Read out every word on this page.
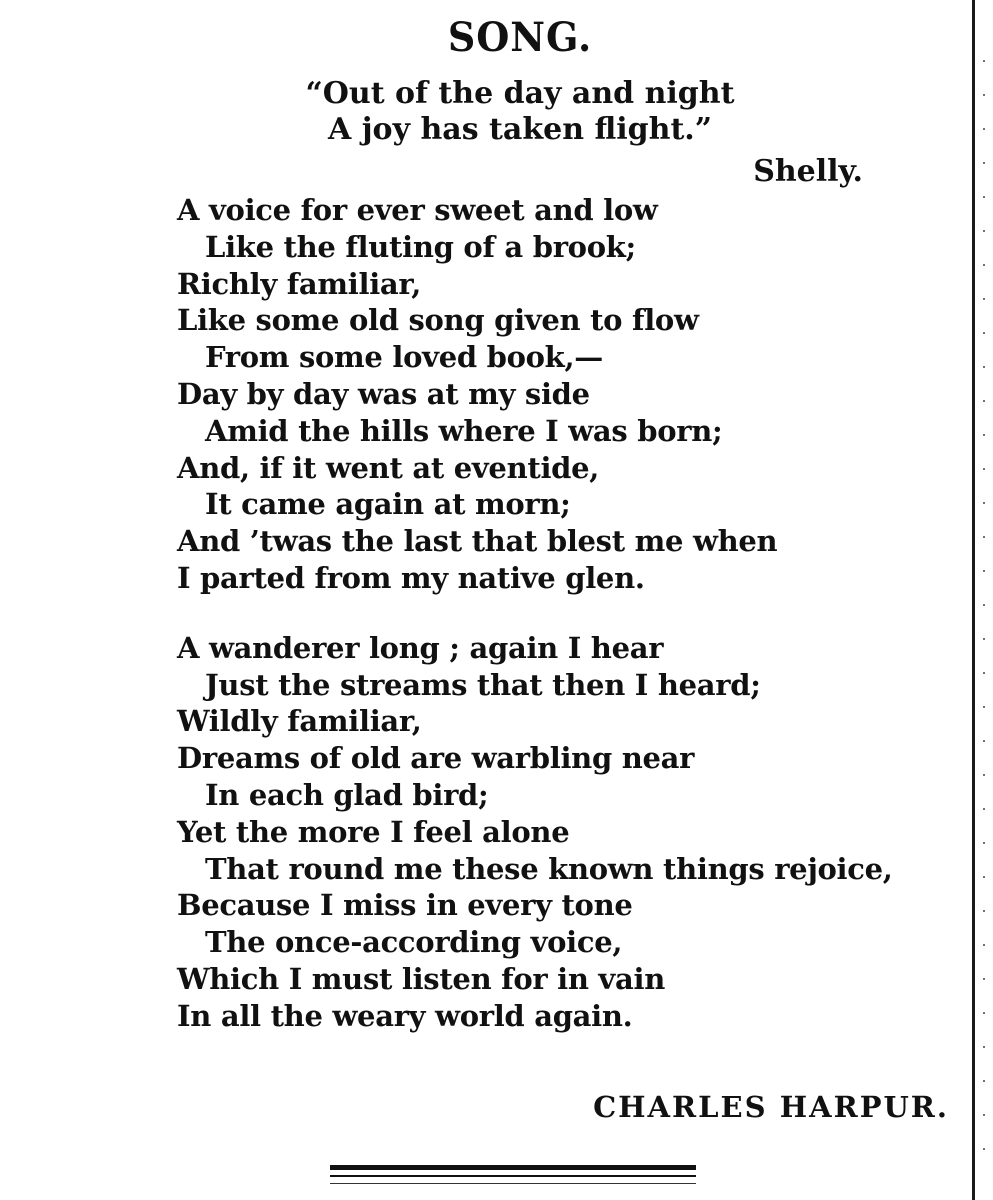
SONG.
“Out of the day and night
A joy has taken flight.”
Shelly.
A voice for ever sweet and low
Like the fluting of a brook;
Richly familiar,
Like some old song given to flow
From some loved book,—
Day by day was at my side
Amid the hills where I was born;
And, if it went at eventide,
It came again at morn;
And ’twas the last that blest me when
I parted from my native glen.
A wanderer long ; again I hear
Just the streams that then I heard;
Wildly familiar,
Dreams of old are warbling near
In each glad bird;
Yet the more I feel alone
That round me these known things rejoice,
Because I miss in every tone
The once-according voice,
Which I must listen for in vain
In all the weary world again.
CHARLES HARPUR.
